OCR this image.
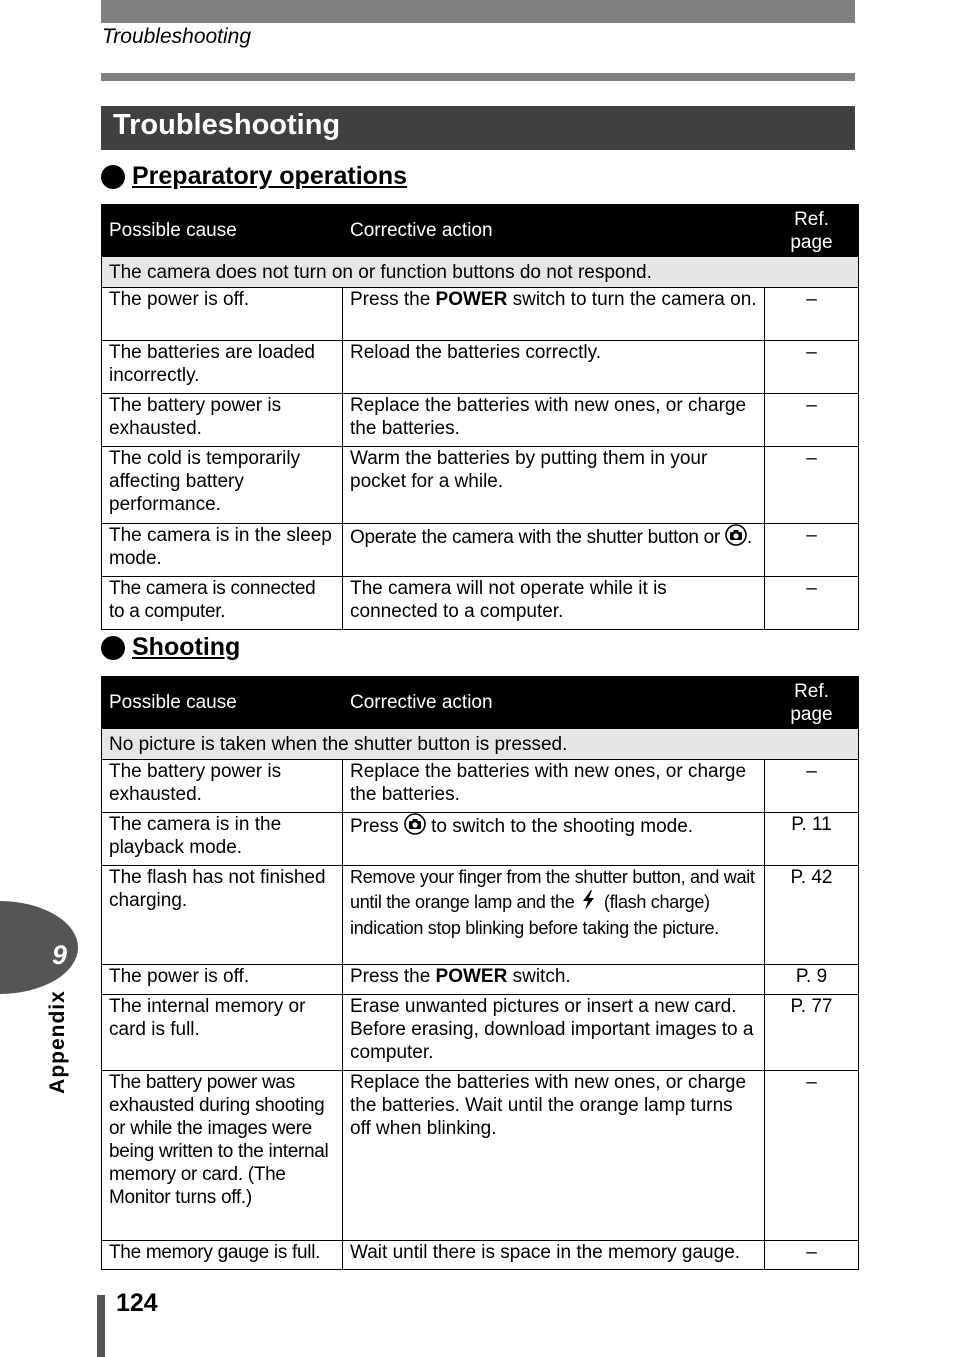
Troubleshooting
Troubleshooting
Preparatory operations
Possible cause	Corrective action	Ref. page
The camera does not turn on or function buttons do not respond.		
The power is off.	Press the POWER switch to turn the camera on.	–
The batteries are loaded incorrectly.	Reload the batteries correctly.	–
The battery power is exhausted.	Replace the batteries with new ones, or charge the batteries.	–
The cold is temporarily affecting battery performance.	Warm the batteries by putting them in your pocket for a while.	–
The camera is in the sleep mode.	Operate the camera with the shutter button or .	–
The camera is connected to a computer.	The camera will not operate while it is connected to a computer.	–
Shooting
Possible cause	Corrective action	Ref. page
No picture is taken when the shutter button is pressed.		
The battery power is exhausted.	Replace the batteries with new ones, or charge the batteries.	–
The camera is in the playback mode.	Press  to switch to the shooting mode.	P. 11
The flash has not finished charging.	Remove your finger from the shutter button, and wait until the orange lamp and the  (flash charge) indication stop blinking before taking the picture.	P. 42
The power is off.	Press the POWER switch.	P. 9
The internal memory or card is full.	Erase unwanted pictures or insert a new card. Before erasing, download important images to a computer.	P. 77
The battery power was exhausted during shooting or while the images were being written to the internal memory or card. (The Monitor turns off.)	Replace the batteries with new ones, or charge the batteries. Wait until the orange lamp turns off when blinking.	–
The memory gauge is full.	Wait until there is space in the memory gauge.	–
9
Appendix
124
